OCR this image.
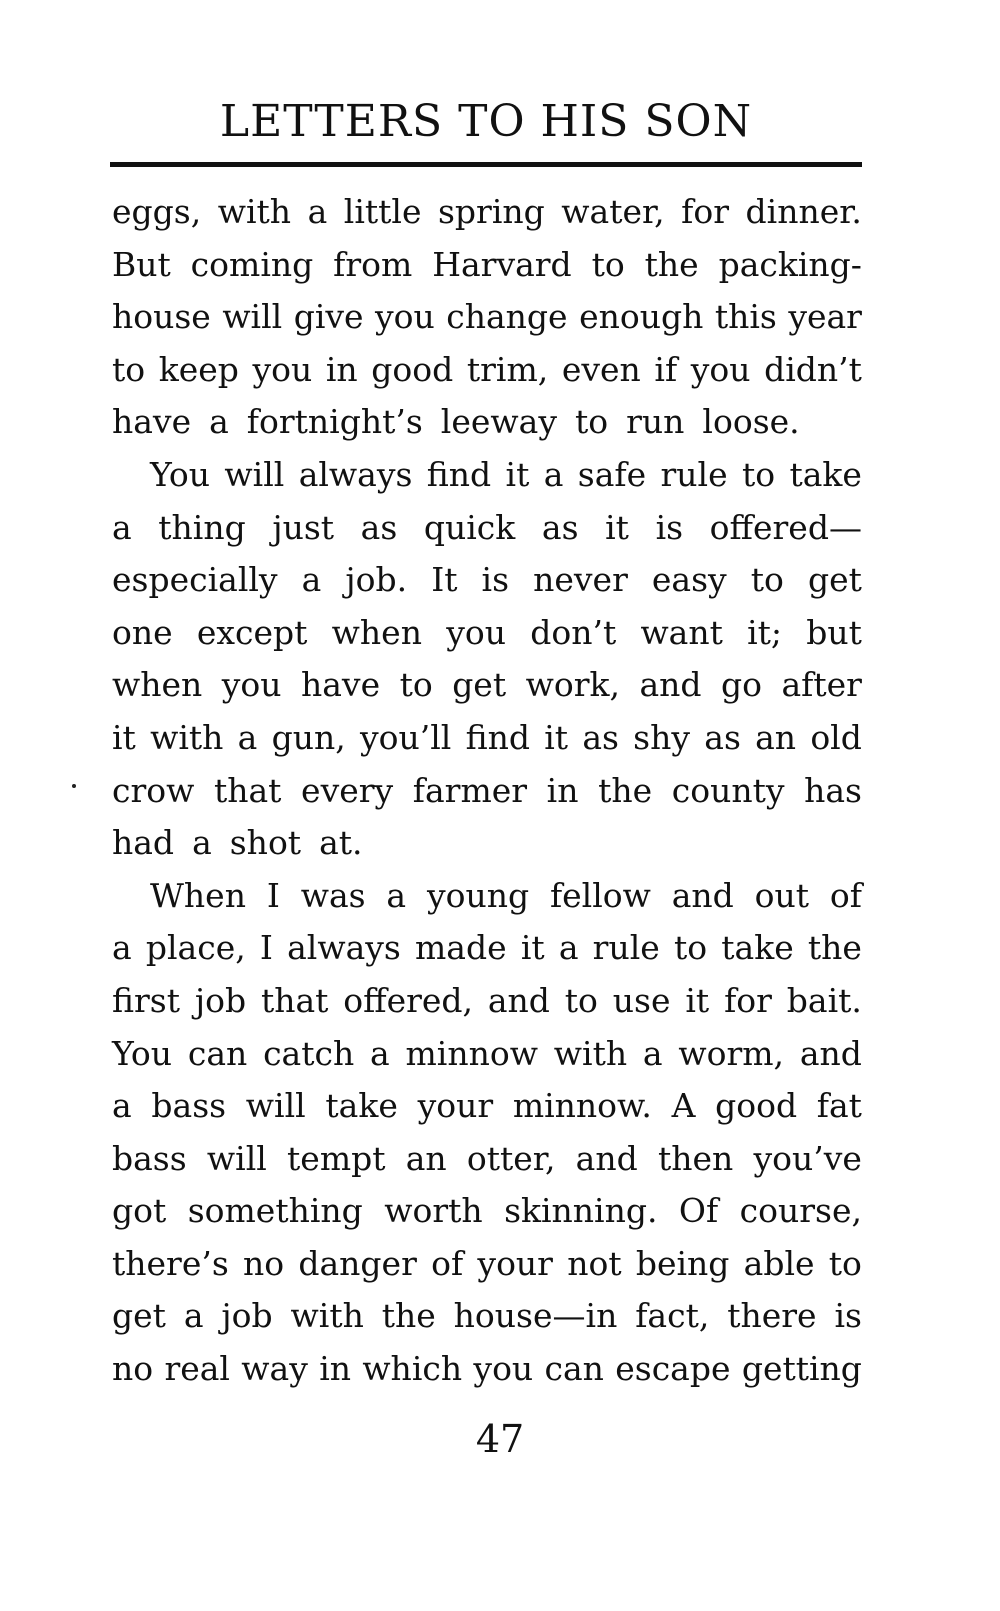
LETTERS TO HIS SON
eggs, with a little spring water, for dinner.
But coming from Harvard to the packing-
house will give you change enough this year
to keep you in good trim, even if you didn’t
have a fortnight’s leeway to run loose.
You will always find it a safe rule to take
a thing just as quick as it is offered—
especially a job. It is never easy to get
one except when you don’t want it; but
when you have to get work, and go after
it with a gun, you’ll find it as shy as an old
crow that every farmer in the county has
had a shot at.
When I was a young fellow and out of
a place, I always made it a rule to take the
first job that offered, and to use it for bait.
You can catch a minnow with a worm, and
a bass will take your minnow. A good fat
bass will tempt an otter, and then you’ve
got something worth skinning. Of course,
there’s no danger of your not being able to
get a job with the house—in fact, there is
no real way in which you can escape getting
47
